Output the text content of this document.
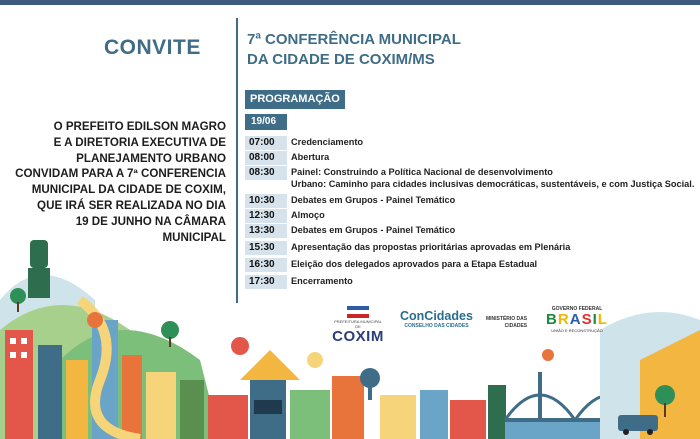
CONVITE
O PREFEITO EDILSON MAGRO
E A DIRETORIA EXECUTIVA DE
PLANEJAMENTO URBANO
CONVIDAM PARA A 7ª CONFERENCIA
MUNICIPAL DA CIDADE DE COXIM,
QUE IRÁ SER REALIZADA NO DIA
19 DE JUNHO NA CÂMARA MUNICIPAL
7ª CONFERÊNCIA MUNICIPAL
DA CIDADE DE COXIM/MS
PROGRAMAÇÃO
19/06
07:00	Credenciamento
08:00	Abertura
08:30	Painel: Construindo a Política Nacional de desenvolvimento
Urbano: Caminho para cidades inclusivas democráticas, sustentáveis, e com Justiça Social.
10:30	Debates em Grupos - Painel Temático
12:30	Almoço
13:30	Debates em Grupos - Painel Temático
15:30	Apresentação das propostas prioritárias aprovadas em Plenária
16:30	Eleição dos delegados aprovados para a Etapa Estadual
17:30	Encerramento
PREFEITURA MUNICIPAL DE
COXIM
ConCidades
CONSELHO DAS CIDADES
MINISTÉRIO DAS
CIDADES
GOVERNO FEDERAL
BRASIL
UNIÃO E RECONSTRUÇÃO
